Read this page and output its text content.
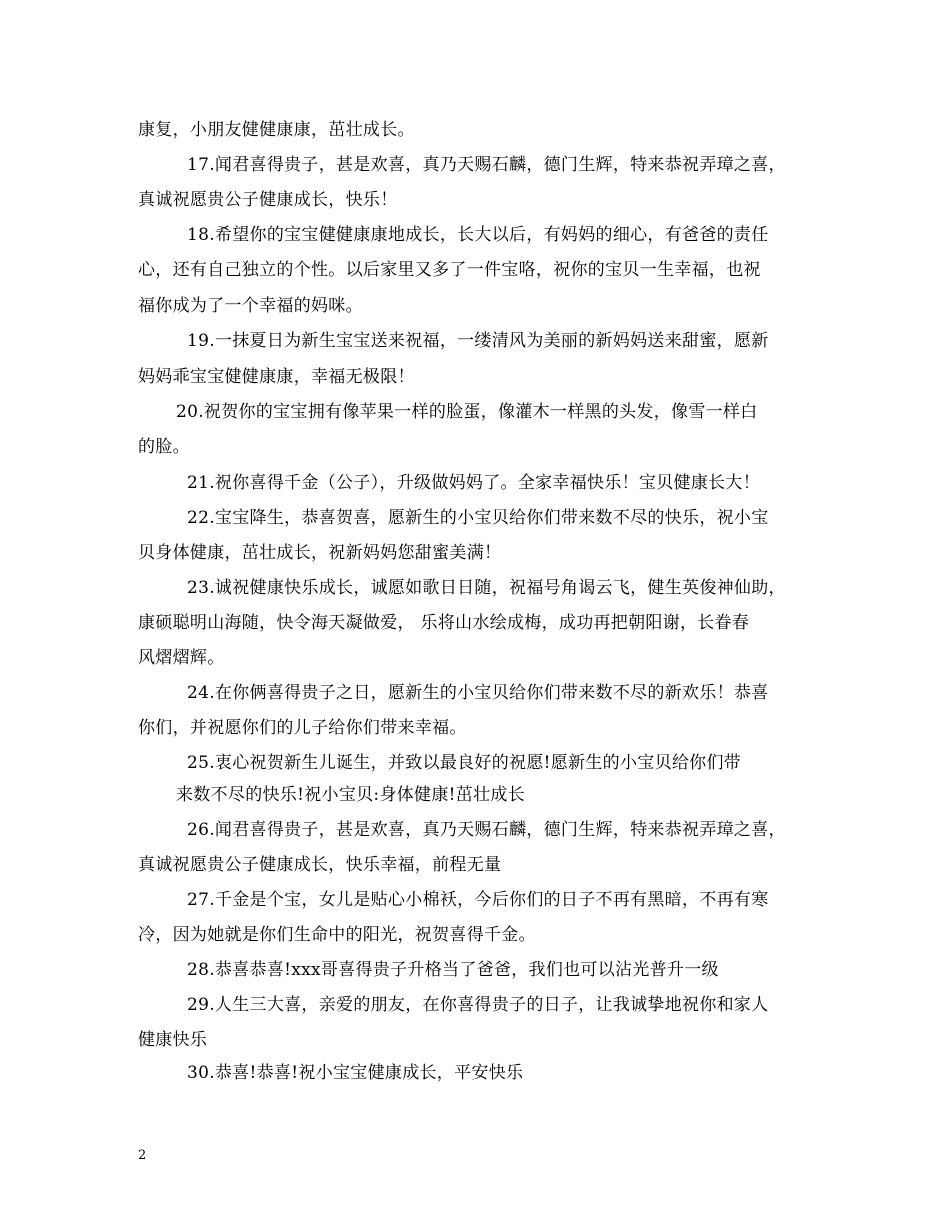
康复，小朋友健健康康，茁壮成长。
17.闻君喜得贵子，甚是欢喜，真乃天赐石麟，德门生辉，特来恭祝弄璋之喜，
真诚祝愿贵公子健康成长，快乐！
18.希望你的宝宝健健康康地成长，长大以后，有妈妈的细心，有爸爸的责任
心，还有自己独立的个性。以后家里又多了一件宝咯，祝你的宝贝一生幸福，也祝
福你成为了一个幸福的妈咪。
19.一抹夏日为新生宝宝送来祝福，一缕清风为美丽的新妈妈送来甜蜜，愿新
妈妈乖宝宝健健康康，幸福无极限！
20.祝贺你的宝宝拥有像苹果一样的脸蛋，像灌木一样黑的头发，像雪一样白
的脸。
21.祝你喜得千金（公子），升级做妈妈了。全家幸福快乐！宝贝健康长大！
22.宝宝降生，恭喜贺喜，愿新生的小宝贝给你们带来数不尽的快乐，祝小宝
贝身体健康，茁壮成长，祝新妈妈您甜蜜美满！
23.诚祝健康快乐成长，诚愿如歌日日随，祝福号角谒云飞，健生英俊神仙助，
康硕聪明山海随，快令海天凝做爱， 乐将山水绘成梅，成功再把朝阳谢，长眷春
风熠熠辉。
24.在你俩喜得贵子之日，愿新生的小宝贝给你们带来数不尽的新欢乐！恭喜
你们，并祝愿你们的儿子给你们带来幸福。
25.衷心祝贺新生儿诞生，并致以最良好的祝愿!愿新生的小宝贝给你们带
来数不尽的快乐!祝小宝贝:身体健康!茁壮成长
26.闻君喜得贵子，甚是欢喜，真乃天赐石麟，德门生辉，特来恭祝弄璋之喜，
真诚祝愿贵公子健康成长，快乐幸福，前程无量
27.千金是个宝，女儿是贴心小棉袄，今后你们的日子不再有黑暗，不再有寒
冷，因为她就是你们生命中的阳光，祝贺喜得千金。
28.恭喜恭喜!xxx哥喜得贵子升格当了爸爸，我们也可以沾光普升一级
29.人生三大喜，亲爱的朋友，在你喜得贵子的日子，让我诚挚地祝你和家人
健康快乐
30.恭喜!恭喜!祝小宝宝健康成长，平安快乐
2
